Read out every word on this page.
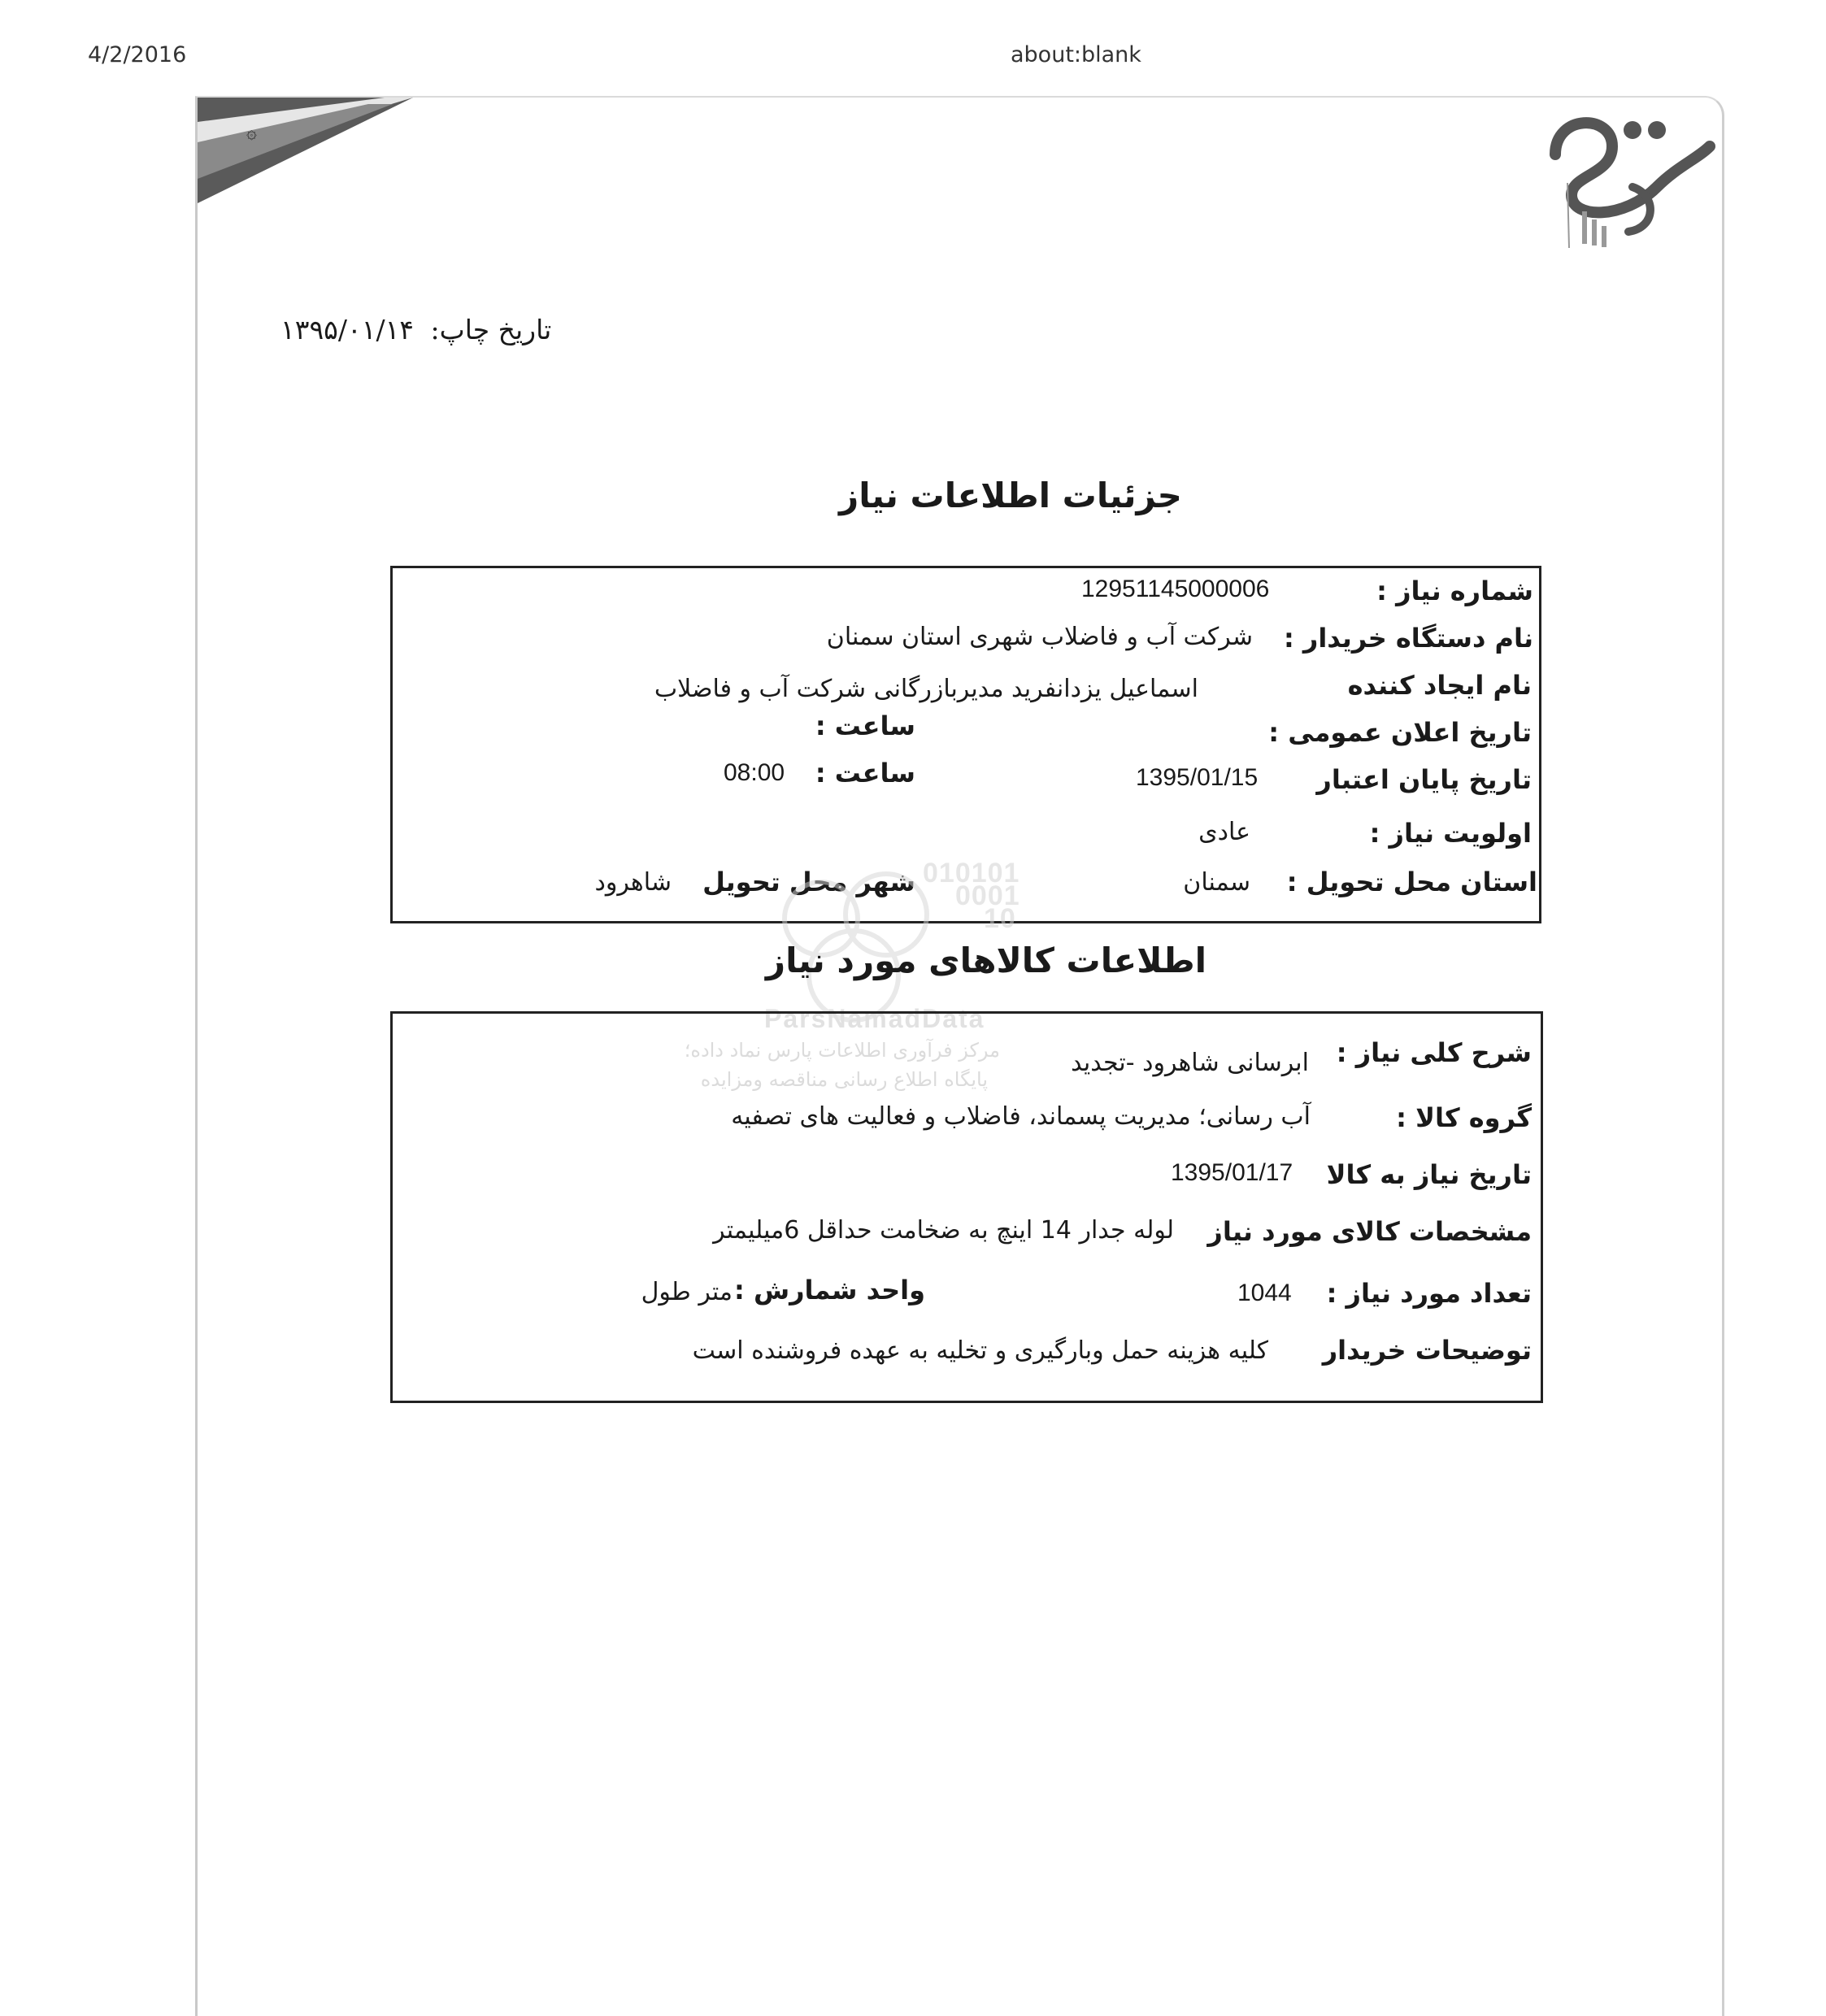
4/2/2016	about:blank
۞
تاریخ چاپ: ۱۳۹۵/۰۱/۱۴
جزئیات اطلاعات نیاز
شماره نیاز :
12951145000006
نام دستگاه خریدار :
شرکت آب و فاضلاب شهری استان سمنان
نام ایجاد کننده
اسماعیل یزدانفرید مدیربازرگانی شرکت آب و فاضلاب
تاریخ اعلان عمومی :
ساعت :
تاریخ پایان اعتبار
1395/01/15
ساعت :
08:00
اولویت نیاز :
عادی
استان محل تحویل :
سمنان
شهر محل تحویل
شاهرود	010101
0001
10
ParsNamadData
مرکز فرآوری اطلاعات پارس نماد داده؛
پایگاه اطلاع رسانی مناقصه ومزایده
اطلاعات کالاهای مورد نیاز
شرح کلی نیاز :
ابرسانی شاهرود -تجدید
گروه کالا :
آب رسانی؛ مدیریت پسماند، فاضلاب و فعالیت های تصفیه
تاریخ نیاز به کالا
1395/01/17
مشخصات کالای مورد نیاز
لوله جدار 14 اینچ به ضخامت حداقل 6میلیمتر
تعداد مورد نیاز :
1044
واحد شمارش :
متر طول
توضیحات خریدار
کلیه هزینه حمل وبارگیری و تخلیه به عهده فروشنده است
